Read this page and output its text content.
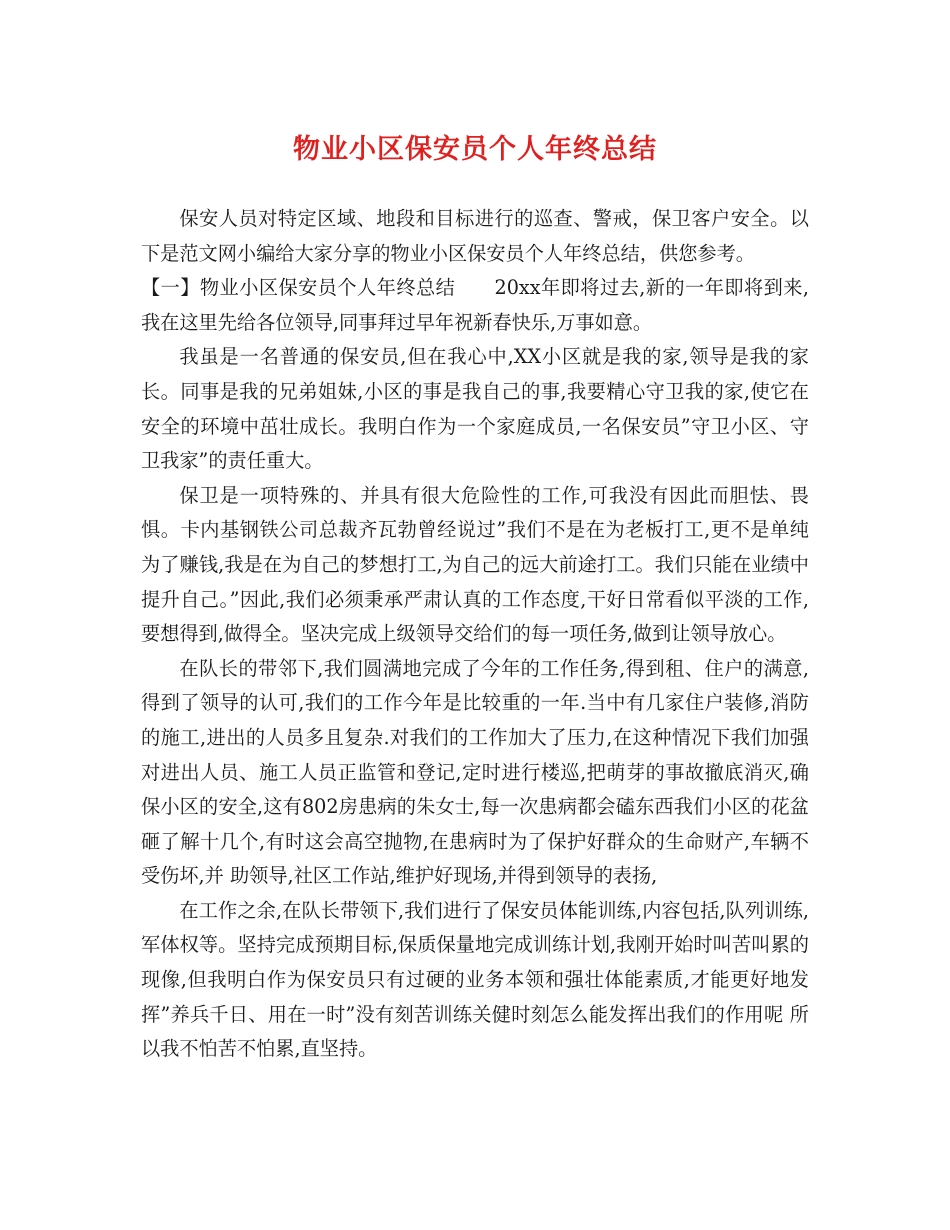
物业小区保安员个人年终总结

保安人员对特定区域、地段和目标进行的巡查、警戒，保卫客户安全。以下是范文网小编给大家分享的物业小区保安员个人年终总结，供您参考。

【一】物业小区保安员个人年终总结　　20xx年即将过去,新的一年即将到来,我在这里先给各位领导,同事拜过早年祝新春快乐,万事如意。

我虽是一名普通的保安员,但在我心中,XX小区就是我的家,领导是我的家长。同事是我的兄弟姐妹,小区的事是我自己的事,我要精心守卫我的家,使它在安全的环境中茁壮成长。我明白作为一个家庭成员,一名保安员”守卫小区、守卫我家”的责任重大。

保卫是一项特殊的、并具有很大危险性的工作,可我没有因此而胆怯、畏惧。卡内基钢铁公司总裁齐瓦勃曾经说过”我们不是在为老板打工,更不是单纯为了赚钱,我是在为自己的梦想打工,为自己的远大前途打工。我们只能在业绩中提升自己。”因此,我们必须秉承严肃认真的工作态度,干好日常看似平淡的工作,要想得到,做得全。坚决完成上级领导交给们的每一项任务,做到让领导放心。

在队长的带邻下,我们圆满地完成了今年的工作任务,得到租、住户的满意,得到了领导的认可,我们的工作今年是比较重的一年.当中有几家住户装修,消防的施工,进出的人员多且复杂.对我们的工作加大了压力,在这种情况下我们加强对进出人员、施工人员正监管和登记,定时进行楼巡,把萌芽的事故撤底消灭,确保小区的安全,这有802房患病的朱女士,每一次患病都会磕东西我们小区的花盆砸了解十几个,有时这会高空抛物,在患病时为了保护好群众的生命财产,车辆不受伤坏,并 助领导,社区工作站,维护好现场,并得到领导的表扬,

在工作之余,在队长带领下,我们进行了保安员体能训练,内容包括,队列训练,军体权等。坚持完成预期目标,保质保量地完成训练计划,我刚开始时叫苦叫累的现像,但我明白作为保安员只有过硬的业务本领和强壮体能素质,才能更好地发挥”养兵千日、用在一时”没有刻苦训练关健时刻怎么能发挥出我们的作用呢 所以我不怕苦不怕累,直坚持。
